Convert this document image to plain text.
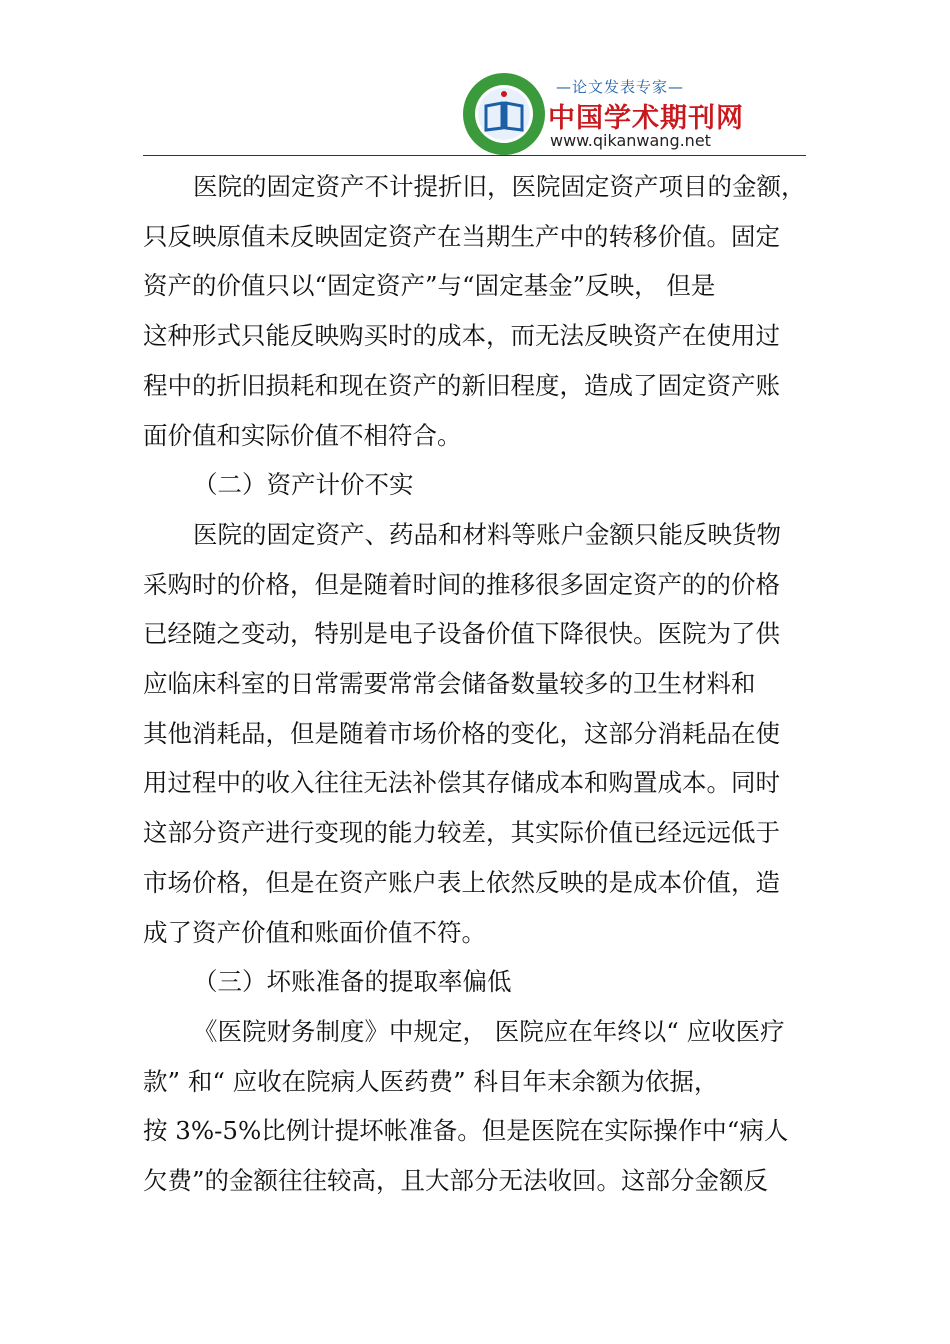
—论文发表专家—
中国学术期刊网
www.qikanwang.net

医院的固定资产不计提折旧，医院固定资产项目的金额，

只反映原值未反映固定资产在当期生产中的转移价值。固定

资产的价值只以“固定资产”与“固定基金”反映， 但是

这种形式只能反映购买时的成本，而无法反映资产在使用过

程中的折旧损耗和现在资产的新旧程度，造成了固定资产账

面价值和实际价值不相符合。

（二）资产计价不实

医院的固定资产、药品和材料等账户金额只能反映货物

采购时的价格，但是随着时间的推移很多固定资产的的价格

已经随之变动，特别是电子设备价值下降很快。医院为了供

应临床科室的日常需要常常会储备数量较多的卫生材料和

其他消耗品，但是随着市场价格的变化，这部分消耗品在使

用过程中的收入往往无法补偿其存储成本和购置成本。同时

这部分资产进行变现的能力较差，其实际价值已经远远低于

市场价格，但是在资产账户表上依然反映的是成本价值，造

成了资产价值和账面价值不符。

（三）坏账准备的提取率偏低

《医院财务制度》中规定， 医院应在年终以“ 应收医疗

款” 和“ 应收在院病人医药费” 科目年末余额为依据，

按 3%-5%比例计提坏帐准备。但是医院在实际操作中“病人

欠费”的金额往往较高，且大部分无法收回。这部分金额反
